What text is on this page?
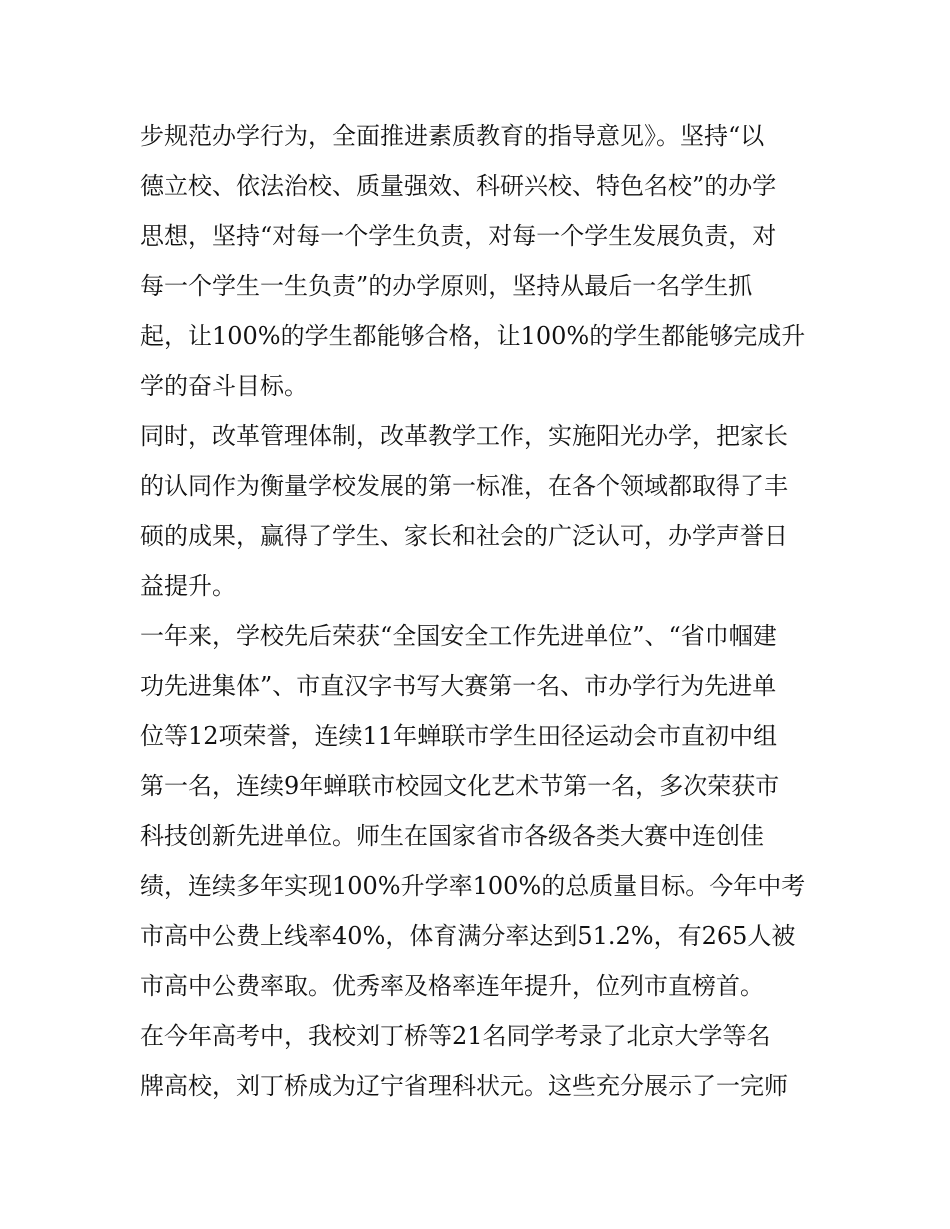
步规范办学行为，全面推进素质教育的指导意见》。坚持“以
德立校、依法治校、质量强效、科研兴校、特色名校”的办学
思想，坚持“对每一个学生负责，对每一个学生发展负责，对
每一个学生一生负责”的办学原则，坚持从最后一名学生抓
起，让100%的学生都能够合格，让100%的学生都能够完成升
学的奋斗目标。
同时，改革管理体制，改革教学工作，实施阳光办学，把家长
的认同作为衡量学校发展的第一标准，在各个领域都取得了丰
硕的成果，赢得了学生、家长和社会的广泛认可，办学声誉日
益提升。
一年来，学校先后荣获“全国安全工作先进单位”、“省巾帼建
功先进集体”、市直汉字书写大赛第一名、市办学行为先进单
位等12项荣誉，连续11年蝉联市学生田径运动会市直初中组
第一名，连续9年蝉联市校园文化艺术节第一名，多次荣获市
科技创新先进单位。师生在国家省市各级各类大赛中连创佳
绩，连续多年实现100%升学率100%的总质量目标。今年中考
市高中公费上线率40%，体育满分率达到51.2%，有265人被
市高中公费率取。优秀率及格率连年提升，位列市直榜首。
在今年高考中，我校刘丁桥等21名同学考录了北京大学等名
牌高校，刘丁桥成为辽宁省理科状元。这些充分展示了一完师
